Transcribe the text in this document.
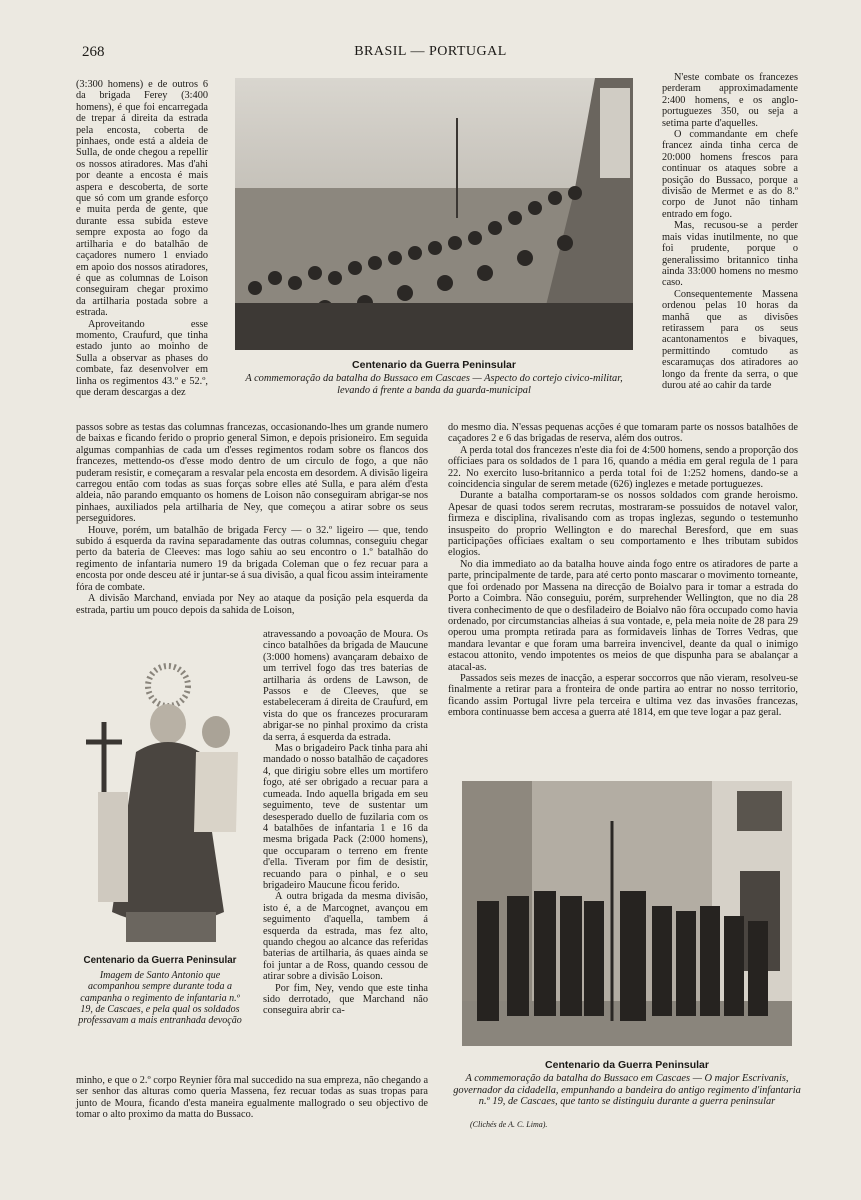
268	BRASIL — PORTUGAL

(3:300 homens) e de outros 6 da brigada Ferey (3:400 homens), é que foi encarregada de trepar á direita da estrada pela encosta, coberta de pinhaes, onde está a aldeia de Sulla, de onde chegou a repellir os nossos atiradores. Mas d'ahi por deante a encosta é mais aspera e descoberta, de sorte que só com um grande esforço e muita perda de gente, que durante essa subida esteve sempre exposta ao fogo da artilharia e do batalhão de caçadores numero 1 enviado em apoio dos nossos atiradores, é que as columnas de Loison conseguiram chegar proximo da artilharia postada sobre a estrada.

Aproveitando esse momento, Craufurd, que tinha estado junto ao moinho de Sulla a observar as phases do combate, faz desenvolver em linha os regimentos 43.º e 52.º, que deram descargas a dez

Centenario da Guerra Peninsular
A commemoração da batalha do Bussaco em Cascaes — Aspecto do cortejo civico-militar, levando á frente a banda da guarda-municipal

N'este combate os francezes perderam approximadamente 2:400 homens, e os anglo-portuguezes 350, ou seja a setima parte d'aquelles.

O commandante em chefe francez ainda tinha cerca de 20:000 homens frescos para continuar os ataques sobre a posição do Bussaco, porque a divisão de Mermet e as do 8.º corpo de Junot não tinham entrado em fogo.

Mas, recusou-se a perder mais vidas inutilmente, no que foi prudente, porque o generalissimo britannico tinha ainda 33:000 homens no mesmo caso.

Consequentemente Massena ordenou pelas 10 horas da manhã que as divisões retirassem para os seus acantonamentos e bivaques, permittindo comtudo as escaramuças dos atiradores ao longo da frente da serra, o que durou até ao cahir da tarde

passos sobre as testas das columnas francezas, occasionando-lhes um grande numero de baixas e ficando ferido o proprio general Simon, e depois prisioneiro. Em seguida algumas companhias de cada um d'esses regimentos rodam sobre os flancos dos francezes, mettendo-os d'esse modo dentro de um circulo de fogo, a que não puderam resistir, e começaram a resvalar pela encosta em desordem. A divisão ligeira carregou então com todas as suas forças sobre elles até Sulla, e para além d'esta aldeia, não parando emquanto os homens de Loison não conseguiram abrigar-se nos pinhaes, auxiliados pela artilharia de Ney, que começou a atirar sobre os seus perseguidores.

Houve, porém, um batalhão de brigada Fercy — o 32.º ligeiro — que, tendo subido á esquerda da ravina separadamente das outras columnas, conseguiu chegar perto da bateria de Cleeves: mas logo sahiu ao seu encontro o 1.º batalhão do regimento de infantaria numero 19 da brigada Coleman que o fez recuar para a encosta por onde desceu até ir juntar-se á sua divisão, a qual ficou assim inteiramente fóra de combate.

A divisão Marchand, enviada por Ney ao ataque da posição pela esquerda da estrada, partiu um pouco depois da sahida de Loison,

Centenario da Guerra Peninsular
Imagem de Santo Antonio que acompanhou sempre durante toda a campanha o regimento de infantaria n.º 19, de Cascaes, e pela qual os soldados professavam a mais entranhada devoção

atravessando a povoação de Moura. Os cinco batalhões da brigada de Maucune (3:000 homens) avançaram debaixo de um terrivel fogo das tres baterias de artilharia ás ordens de Lawson, de Passos e de Cleeves, que se estabeleceram á direita de Craufurd, em vista do que os francezes procuraram abrigar-se no pinhal proximo da crista da serra, á esquerda da estrada.

Mas o brigadeiro Pack tinha para ahi mandado o nosso batalhão de caçadores 4, que dirigiu sobre elles um mortifero fogo, até ser obrigado a recuar para a cumeada. Indo aquella brigada em seu seguimento, teve de sustentar um desesperado duello de fuzilaria com os 4 batalhões de infantaria 1 e 16 da mesma brigada Pack (2:000 homens), que occuparam o terreno em frente d'ella. Tiveram por fim de desistir, recuando para o pinhal, e o seu brigadeiro Maucune ficou ferido.

A outra brigada da mesma divisão, isto é, a de Marcognet, avançou em seguimento d'aquella, tambem á esquerda da estrada, mas fez alto, quando chegou ao alcance das referidas baterias de artilharia, ás quaes ainda se foi juntar a de Ross, quando cessou de atirar sobre a divisão Loison.

Por fim, Ney, vendo que este tinha sido derrotado, que Marchand não conseguira abrir ca-

minho, e que o 2.º corpo Reynier fôra mal succedido na sua empreza, não chegando a ser senhor das alturas como queria Massena, fez recuar todas as suas tropas para junto de Moura, ficando d'esta maneira egualmente mallogrado o seu objectivo de tomar o alto proximo da matta do Bussaco.

do mesmo dia. N'essas pequenas acções é que tomaram parte os nossos batalhões de caçadores 2 e 6 das brigadas de reserva, além dos outros.

A perda total dos francezes n'este dia foi de 4:500 homens, sendo a proporção dos officiaes para os soldados de 1 para 16, quando a média em geral regula de 1 para 22. No exercito luso-britannico a perda total foi de 1:252 homens, dando-se a coincidencia singular de serem metade (626) inglezes e metade portuguezes.

Durante a batalha comportaram-se os nossos soldados com grande heroismo. Apesar de quasi todos serem recrutas, mostraram-se possuidos de notavel valor, firmeza e disciplina, rivalisando com as tropas inglezas, segundo o testemunho insuspeito do proprio Wellington e do marechal Beresford, que em suas participações officiaes exaltam o seu comportamento e lhes tributam subidos elogios.

No dia immediato ao da batalha houve ainda fogo entre os atiradores de parte a parte, principalmente de tarde, para até certo ponto mascarar o movimento torneante, que foi ordenado por Massena na direcção de Boialvo para ir tomar a estrada do Porto a Coimbra. Não conseguiu, porém, surprehender Wellington, que no dia 28 tivera conhecimento de que o desfiladeiro de Boialvo não fôra occupado como havia ordenado, por circumstancias alheias á sua vontade, e, pela meia noite de 28 para 29 operou uma prompta retirada para as formidaveis linhas de Torres Vedras, que mandara levantar e que foram uma barreira invencivel, deante da qual o inimigo estacou attonito, vendo impotentes os meios de que dispunha para se abalançar a atacal-as.

Passados seis mezes de inacção, a esperar soccorros que não vieram, resolveu-se finalmente a retirar para a fronteira de onde partira ao entrar no nosso territorio, ficando assim Portugal livre pela terceira e ultima vez das invasões francezas, embora continuasse bem accesa a guerra até 1814, em que teve logar a paz geral.

Centenario da Guerra Peninsular
A commemoração da batalha do Bussaco em Cascaes — O major Escrivanis, governador da cidadella, empunhando a bandeira do antigo regimento d'infantaria n.º 19, de Cascaes, que tanto se distinguiu durante a guerra peninsular
(Clichés de A. C. Lima).
